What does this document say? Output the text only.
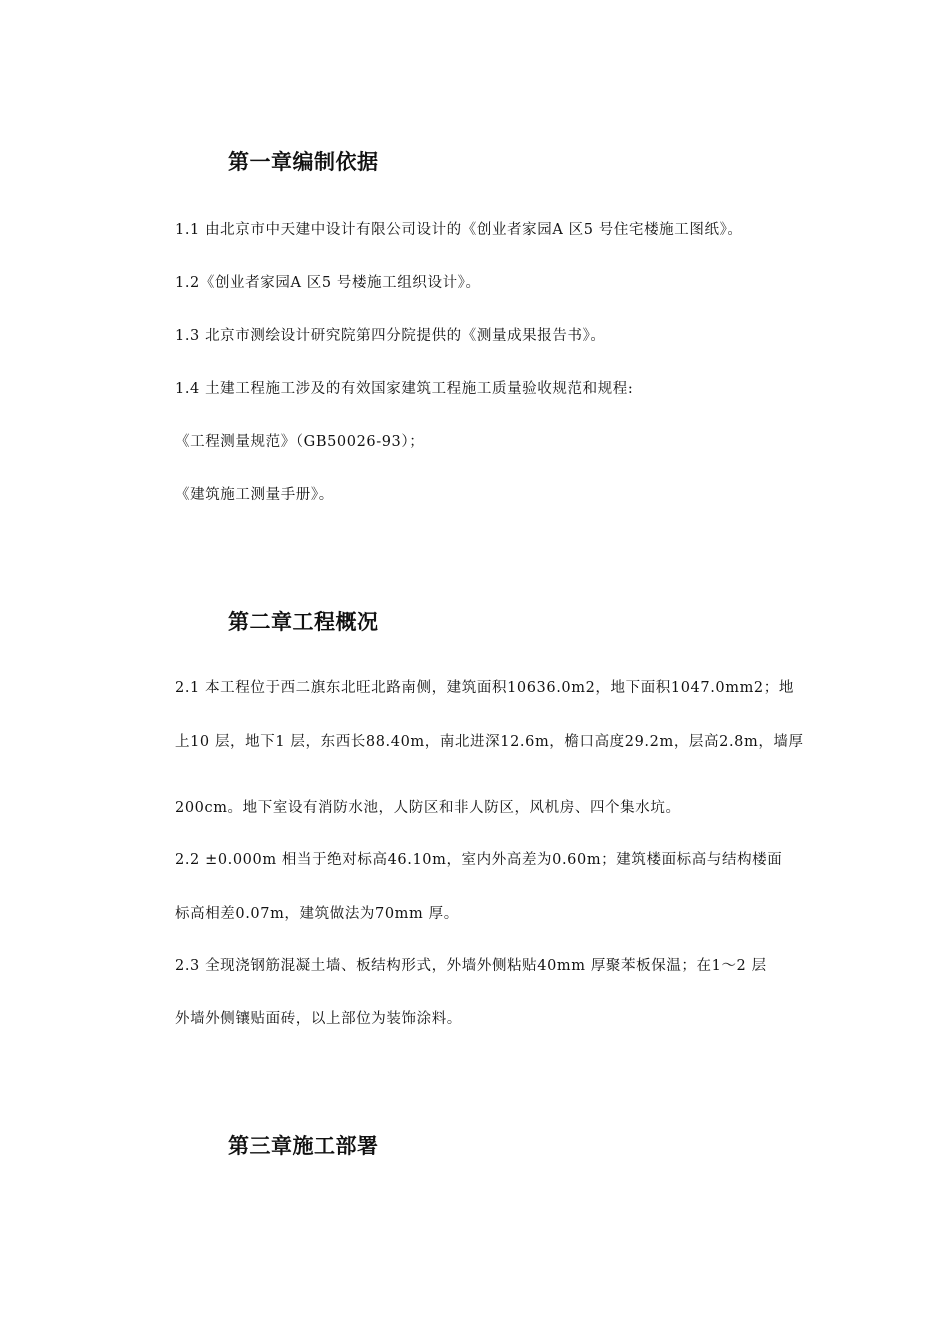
第一章编制依据
1.1 由北京市中天建中设计有限公司设计的《创业者家园A 区5 号住宅楼施工图纸》。
1.2《创业者家园A 区5 号楼施工组织设计》。
1.3 北京市测绘设计研究院第四分院提供的《测量成果报告书》。
1.4 土建工程施工涉及的有效国家建筑工程施工质量验收规范和规程:
《工程测量规范》（GB50026-93）；
《建筑施工测量手册》。
第二章工程概况
2.1 本工程位于西二旗东北旺北路南侧，建筑面积10636.0m2，地下面积1047.0mm2；地
上10 层，地下1 层，东西长88.40m，南北进深12.6m，檐口高度29.2m，层高2.8m，墙厚
200cm。地下室设有消防水池，人防区和非人防区，风机房、四个集水坑。
2.2 ±0.000m 相当于绝对标高46.10m，室内外高差为0.60m；建筑楼面标高与结构楼面
标高相差0.07m，建筑做法为70mm 厚。
2.3 全现浇钢筋混凝土墙、板结构形式，外墙外侧粘贴40mm 厚聚苯板保温；在1～2 层
外墙外侧镶贴面砖，以上部位为装饰涂料。
第三章施工部署
